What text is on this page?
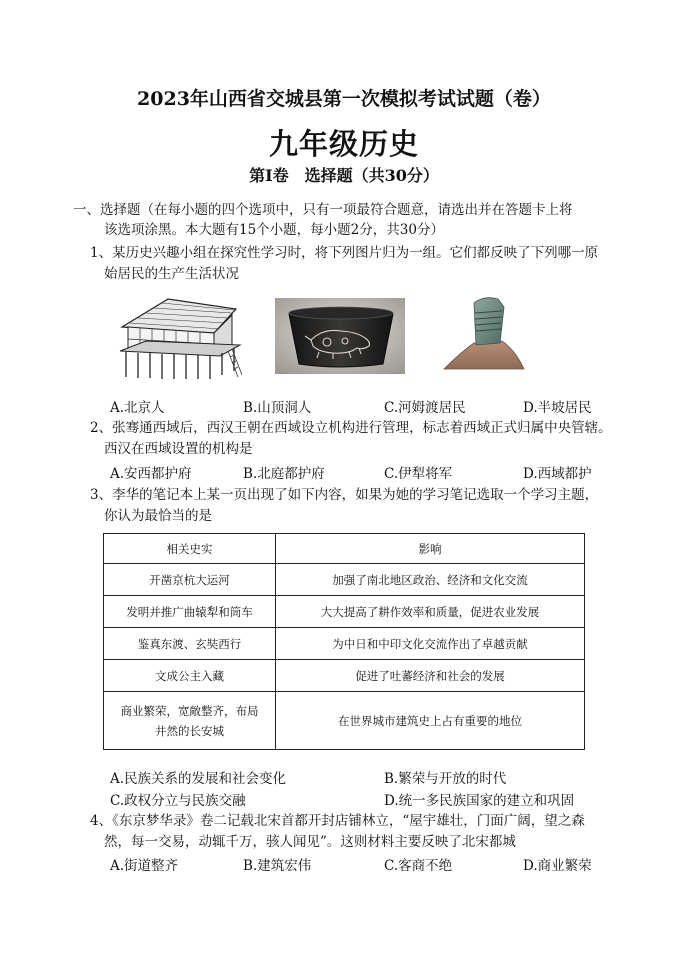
2023年山西省交城县第一次模拟考试试题（卷）
九年级历史
第Ⅰ卷　选择题（共30分）
一、选择题（在每小题的四个选项中，只有一项最符合题意，请选出并在答题卡上将
该选项涂黑。本大题有15个小题，每小题2分，共30分）
1、某历史兴趣小组在探究性学习时，将下列图片归为一组。它们都反映了下列哪一原
始居民的生产生活状况
A.北京人	B.山顶洞人	C.河姆渡居民	D.半坡居民
2、张骞通西域后，西汉王朝在西域设立机构进行管理，标志着西域正式归属中央管辖。
西汉在西域设置的机构是
A.安西都护府	B.北庭都护府	C.伊犁将军	D.西域都护
3、李华的笔记本上某一页出现了如下内容，如果为她的学习笔记选取一个学习主题，
你认为最恰当的是
相关史实	影响
开凿京杭大运河	加强了南北地区政治、经济和文化交流
发明并推广曲辕犁和筒车	大大提高了耕作效率和质量，促进农业发展
鉴真东渡、玄奘西行	为中日和中印文化交流作出了卓越贡献
文成公主入藏	促进了吐蕃经济和社会的发展

商业繁荣，宽敞整齐，布局
井然的长安城	在世界城市建筑史上占有重要的地位
A.民族关系的发展和社会变化	B.繁荣与开放的时代
C.政权分立与民族交融	D.统一多民族国家的建立和巩固
4、《东京梦华录》卷二记载北宋首都开封店铺林立，“屋宇雄壮，门面广阔，望之森
然，每一交易，动辄千万，骇人闻见”。这则材料主要反映了北宋都城
A.街道整齐	B.建筑宏伟	C.客商不绝	D.商业繁荣
